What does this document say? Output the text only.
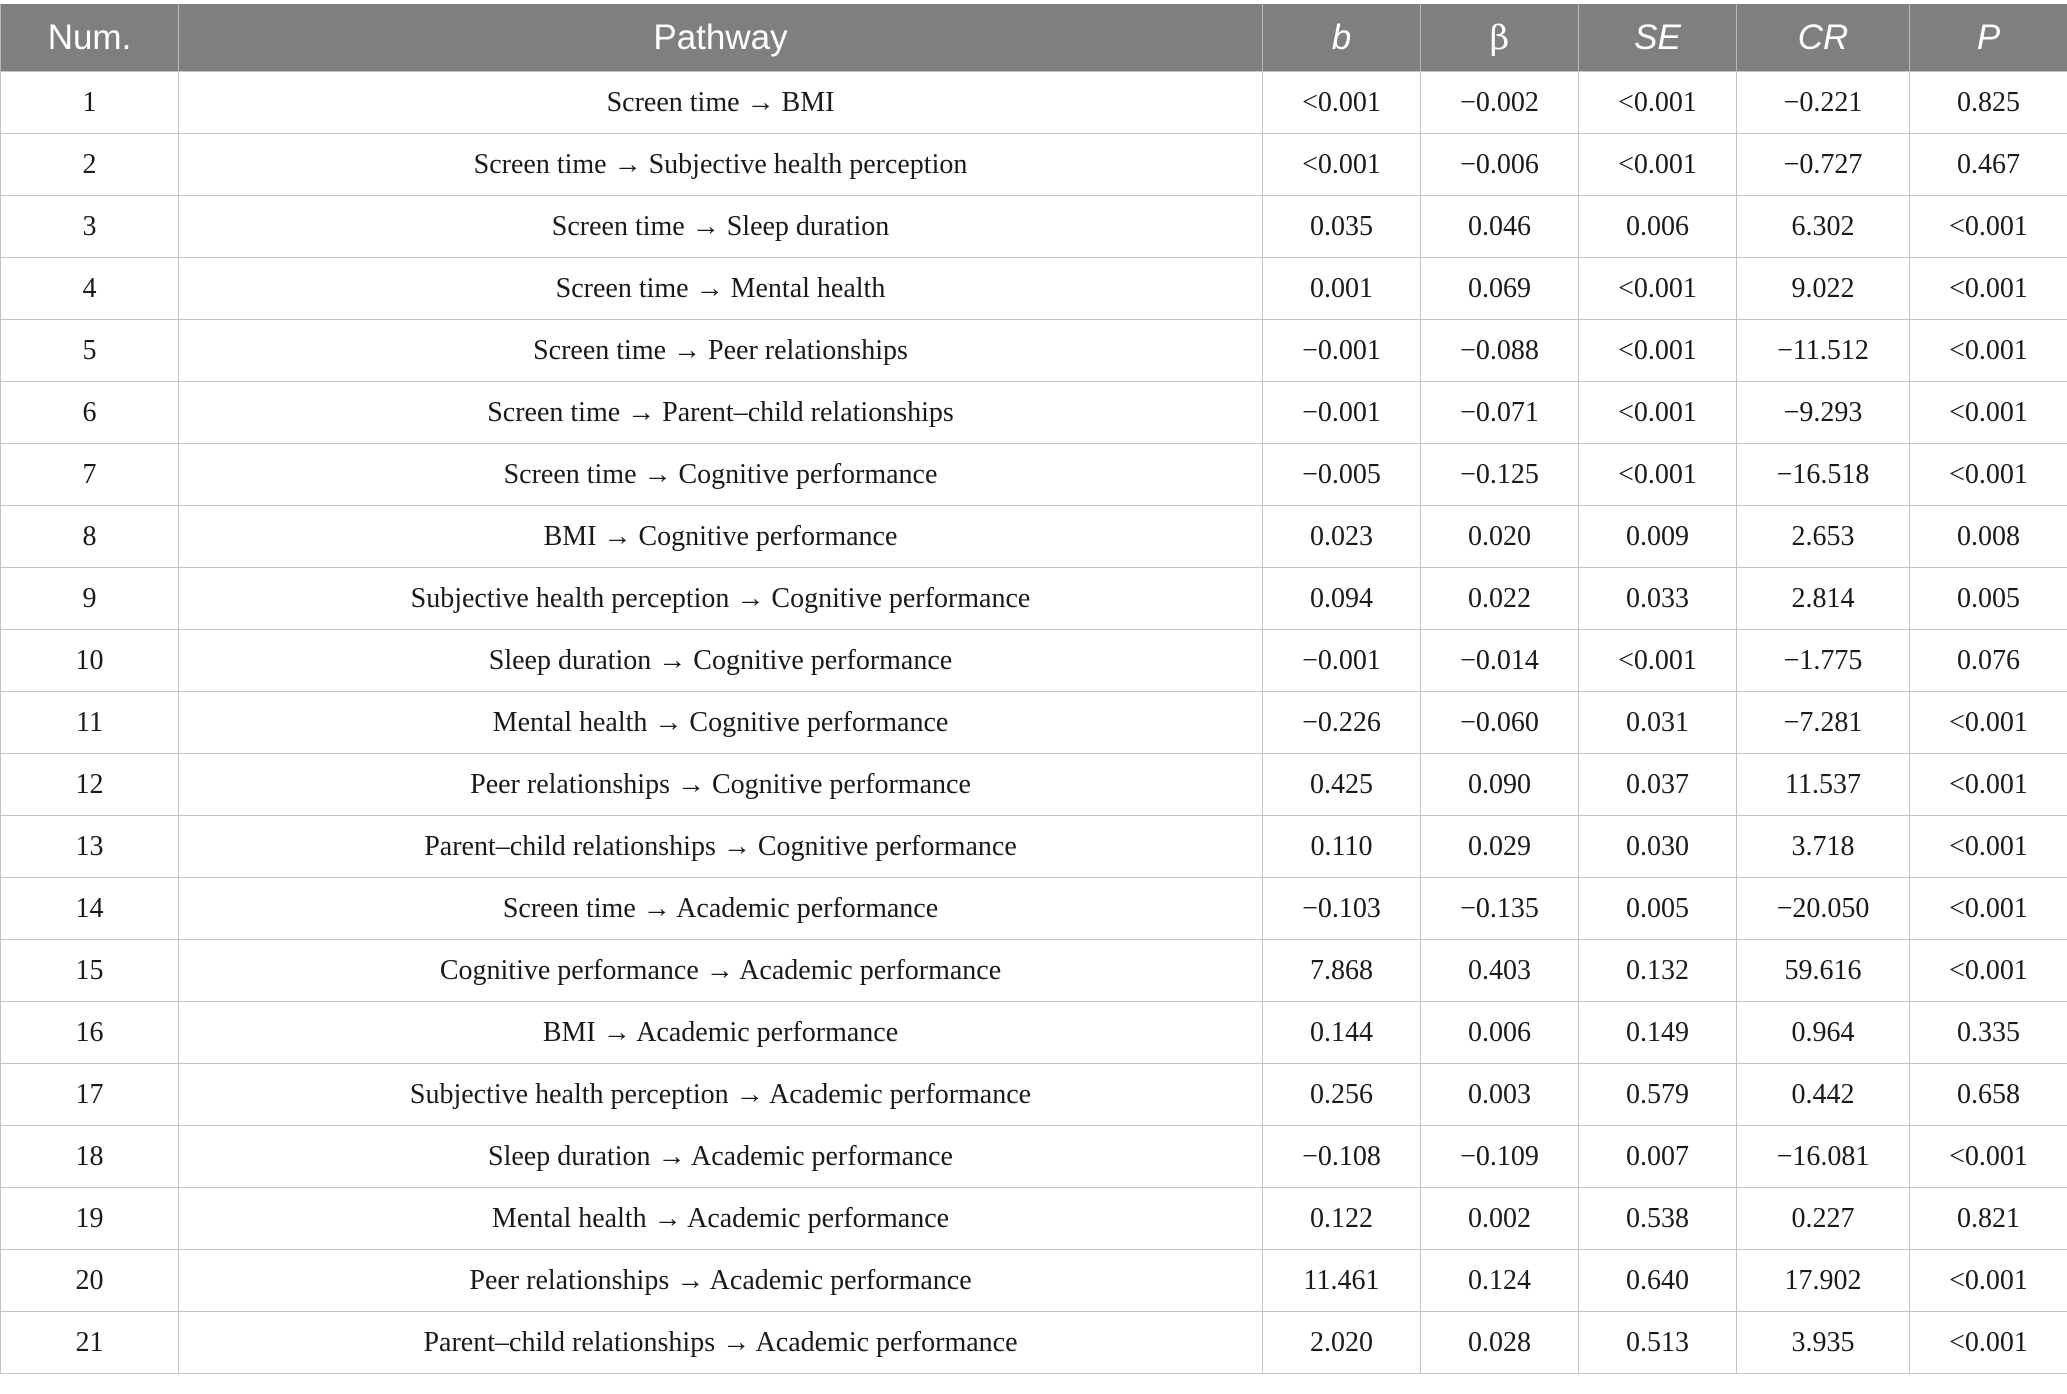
Num.	Pathway	b	β	SE	CR	P
1	Screen time → BMI	<0.001	−0.002	<0.001	−0.221	0.825
2	Screen time → Subjective health perception	<0.001	−0.006	<0.001	−0.727	0.467
3	Screen time → Sleep duration	0.035	0.046	0.006	6.302	<0.001
4	Screen time → Mental health	0.001	0.069	<0.001	9.022	<0.001
5	Screen time → Peer relationships	−0.001	−0.088	<0.001	−11.512	<0.001
6	Screen time → Parent–child relationships	−0.001	−0.071	<0.001	−9.293	<0.001
7	Screen time → Cognitive performance	−0.005	−0.125	<0.001	−16.518	<0.001
8	BMI → Cognitive performance	0.023	0.020	0.009	2.653	0.008
9	Subjective health perception → Cognitive performance	0.094	0.022	0.033	2.814	0.005
10	Sleep duration → Cognitive performance	−0.001	−0.014	<0.001	−1.775	0.076
11	Mental health → Cognitive performance	−0.226	−0.060	0.031	−7.281	<0.001
12	Peer relationships → Cognitive performance	0.425	0.090	0.037	11.537	<0.001
13	Parent–child relationships → Cognitive performance	0.110	0.029	0.030	3.718	<0.001
14	Screen time → Academic performance	−0.103	−0.135	0.005	−20.050	<0.001
15	Cognitive performance → Academic performance	7.868	0.403	0.132	59.616	<0.001
16	BMI → Academic performance	0.144	0.006	0.149	0.964	0.335
17	Subjective health perception → Academic performance	0.256	0.003	0.579	0.442	0.658
18	Sleep duration → Academic performance	−0.108	−0.109	0.007	−16.081	<0.001
19	Mental health → Academic performance	0.122	0.002	0.538	0.227	0.821
20	Peer relationships → Academic performance	11.461	0.124	0.640	17.902	<0.001
21	Parent–child relationships → Academic performance	2.020	0.028	0.513	3.935	<0.001
